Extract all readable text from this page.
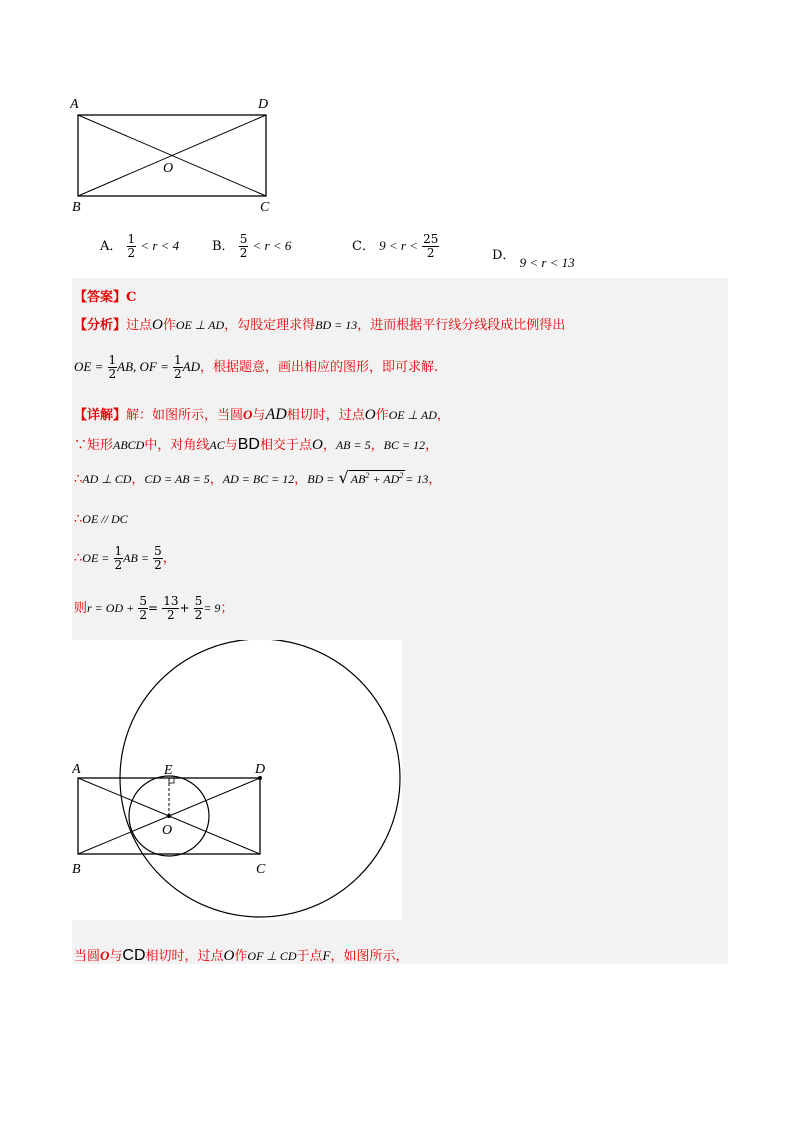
A	D
O
B	C
A． $\frac{1}{2} < r < 4$	B． $\frac{5}{2} < r < 6$	C． $9 < r < \frac{25}{2}$	D． 9 < r < 13
【答案】C
【分析】过点O作OE ⊥ AD，勾股定理求得BD = 13，进而根据平行线分线段成比例得出
OE = $\frac{1}{2}$ AB, OF = $\frac{1}{2}$ AD，根据题意，画出相应的图形，即可求解.
【详解】解：如图所示，当圆O与AD相切时，过点O作OE ⊥ AD，
∵矩形ABCD中，对角线AC与BD相交于点O，AB = 5，BC = 12，
∴AD ⊥ CD，CD = AB = 5，AD = BC = 12，BD = √ $AB^2 + AD^2 = 13$，
∴OE // DC
∴OE = $\frac{1}{2}$ AB = $\frac{5}{2}$ ，
则r = OD + $\frac{5}{2} = \frac{13}{2} + \frac{5}{2} = 9$；
A	E	D
O
B	C
当圆O与CD相切时，过点O作OF ⊥ CD于点F，如图所示，
